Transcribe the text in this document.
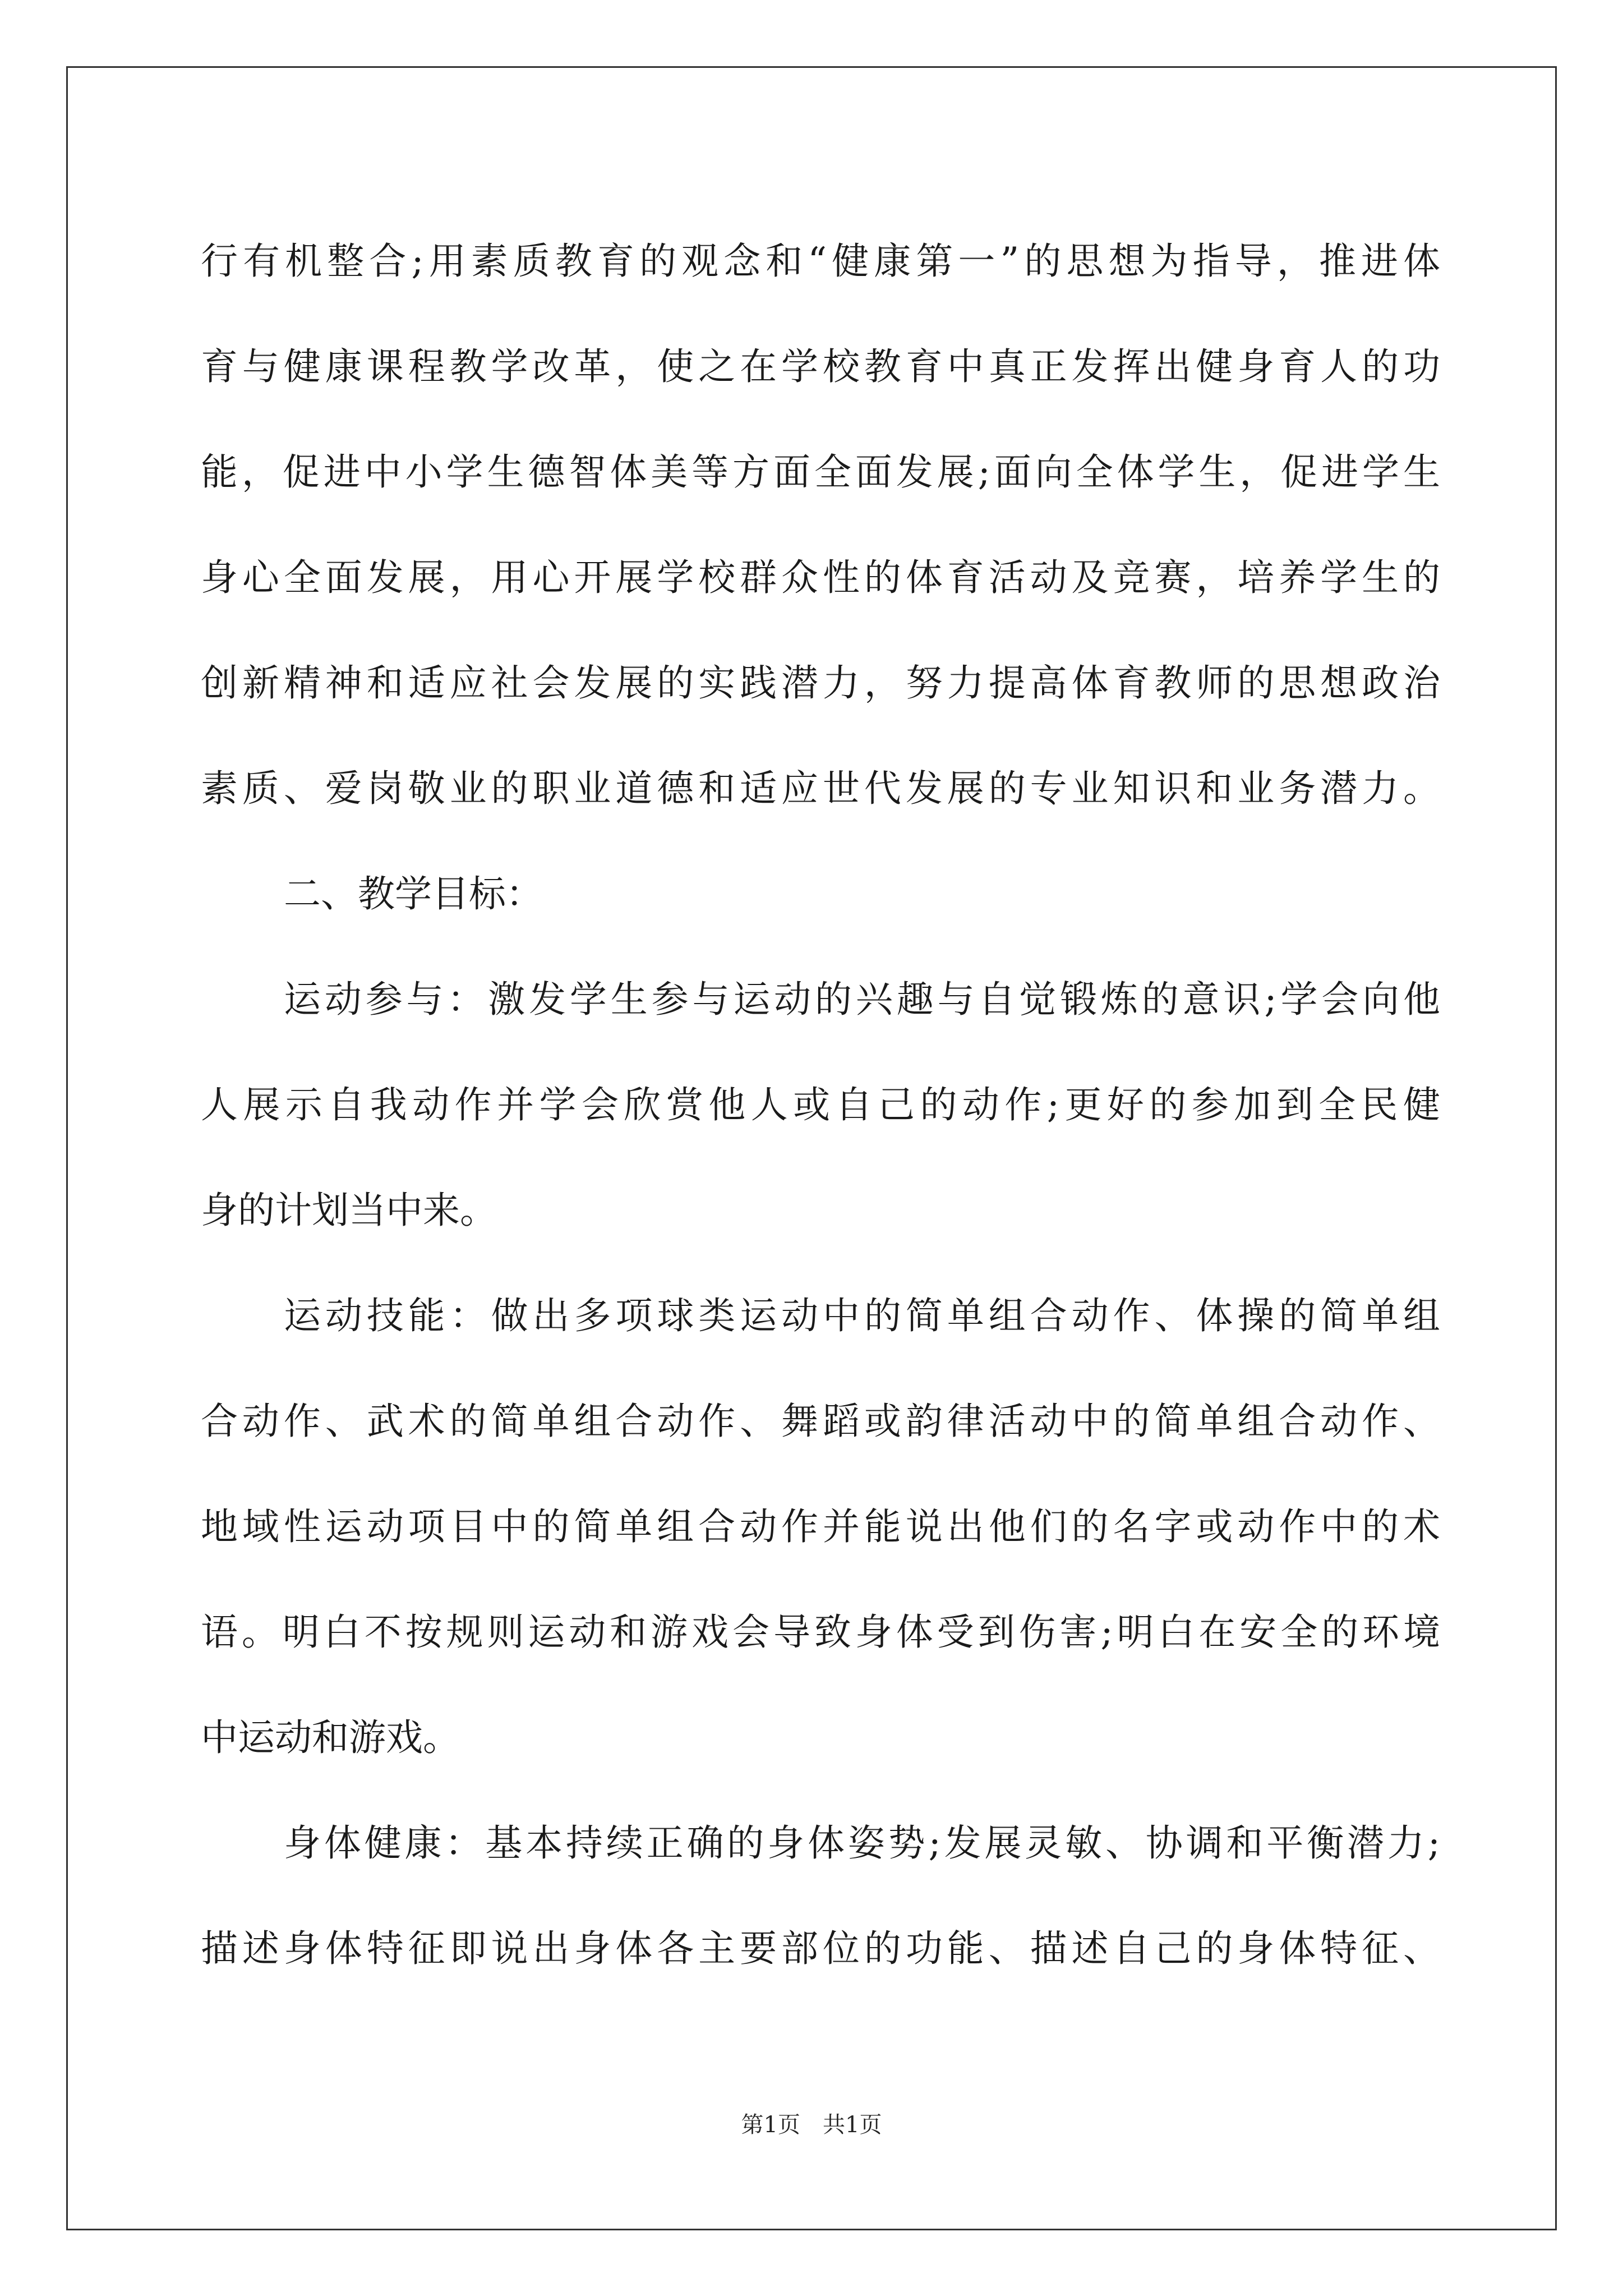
行有机整合;用素质教育的观念和“健康第一”的思想为指导，推进体
育与健康课程教学改革，使之在学校教育中真正发挥出健身育人的功
能，促进中小学生德智体美等方面全面发展;面向全体学生，促进学生
身心全面发展，用心开展学校群众性的体育活动及竞赛，培养学生的
创新精神和适应社会发展的实践潜力，努力提高体育教师的思想政治
素质、爱岗敬业的职业道德和适应世代发展的专业知识和业务潜力。
二、教学目标：
运动参与：激发学生参与运动的兴趣与自觉锻炼的意识;学会向他
人展示自我动作并学会欣赏他人或自己的动作;更好的参加到全民健
身的计划当中来。
运动技能：做出多项球类运动中的简单组合动作、体操的简单组
合动作、武术的简单组合动作、舞蹈或韵律活动中的简单组合动作、
地域性运动项目中的简单组合动作并能说出他们的名字或动作中的术
语。明白不按规则运动和游戏会导致身体受到伤害;明白在安全的环境
中运动和游戏。
身体健康：基本持续正确的身体姿势;发展灵敏、协调和平衡潜力;
描述身体特征即说出身体各主要部位的功能、描述自己的身体特征、
第1页　共1页
